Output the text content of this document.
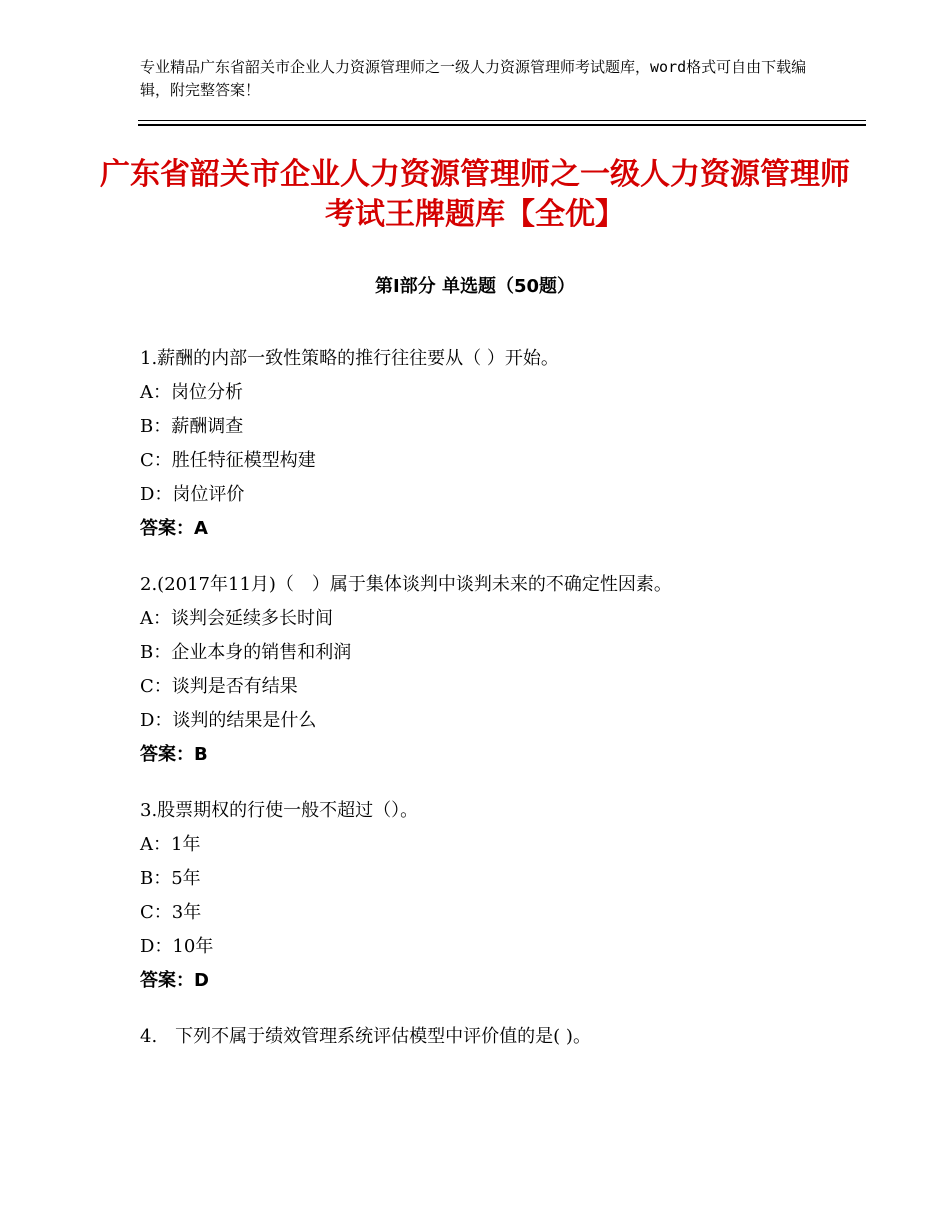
专业精品广东省韶关市企业人力资源管理师之一级人力资源管理师考试题库，word格式可自由下载编辑，附完整答案！
广东省韶关市企业人力资源管理师之一级人力资源管理师考试王牌题库【全优】
第Ⅰ部分 单选题（50题）
1.薪酬的内部一致性策略的推行往往要从（ ）开始。
A：岗位分析
B：薪酬调查
C：胜任特征模型构建
D：岗位评价
答案：A
2.(2017年11月)（　）属于集体谈判中谈判未来的不确定性因素。
A：谈判会延续多长时间
B：企业本身的销售和利润
C：谈判是否有结果
D：谈判的结果是什么
答案：B
3.股票期权的行使一般不超过（）。
A：1年
B：5年
C：3年
D：10年
答案：D
4.　下列不属于绩效管理系统评估模型中评价值的是( )。
